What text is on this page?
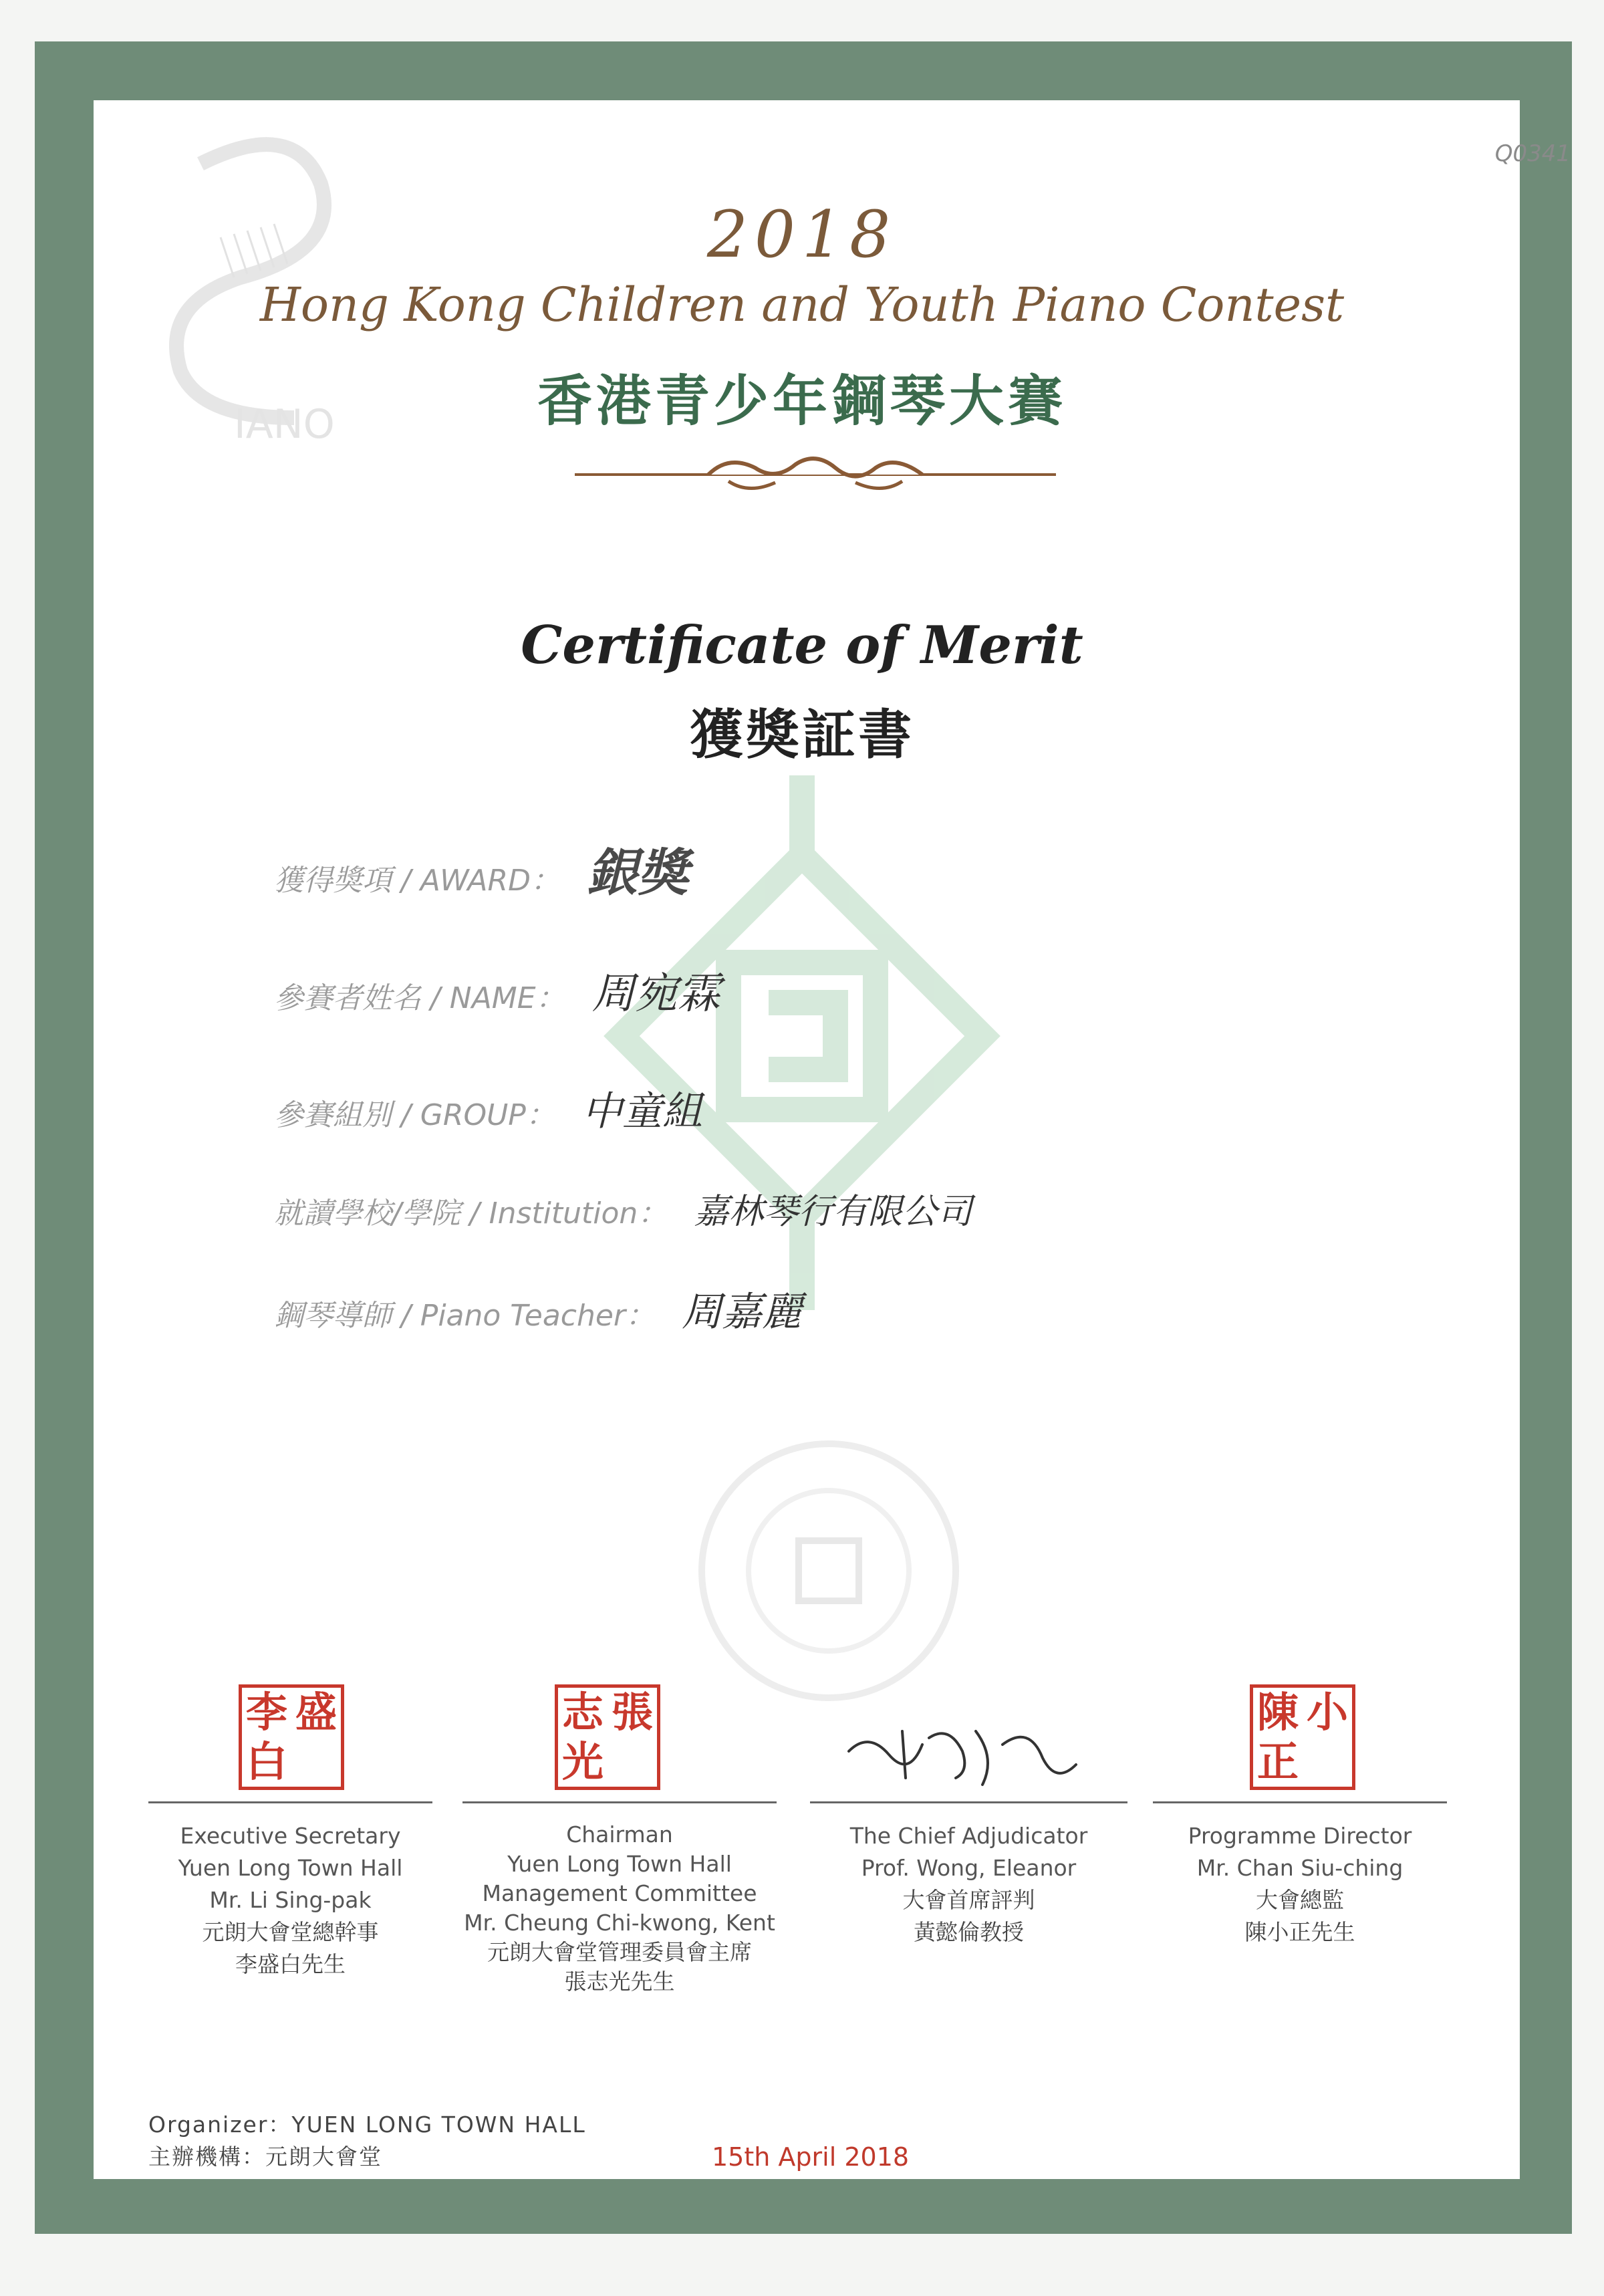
Q0341
IANO
2018
Hong Kong Children and Youth Piano Contest
香港青少年鋼琴大賽
Certificate of Merit
獲獎証書
獲得獎項 / AWARD： 銀獎
參賽者姓名 / NAME： 周宛霖
參賽組別 / GROUP： 中童組
就讀學校/學院 / Institution： 嘉林琴行有限公司
鋼琴導師 / Piano Teacher： 周嘉麗
李 盛
白
志 張
光
陳 小
正
Executive Secretary
Yuen Long Town Hall
Mr. Li Sing-pak
元朗大會堂總幹事
李盛白先生
Chairman
Yuen Long Town Hall
Management Committee
Mr. Cheung Chi-kwong, Kent
元朗大會堂管理委員會主席
張志光先生
The Chief Adjudicator
Prof. Wong, Eleanor
大會首席評判
黃懿倫教授
Programme Director
Mr. Chan Siu-ching
大會總監
陳小正先生
Organizer：YUEN LONG TOWN HALL
主辦機構：元朗大會堂	15th April 2018
